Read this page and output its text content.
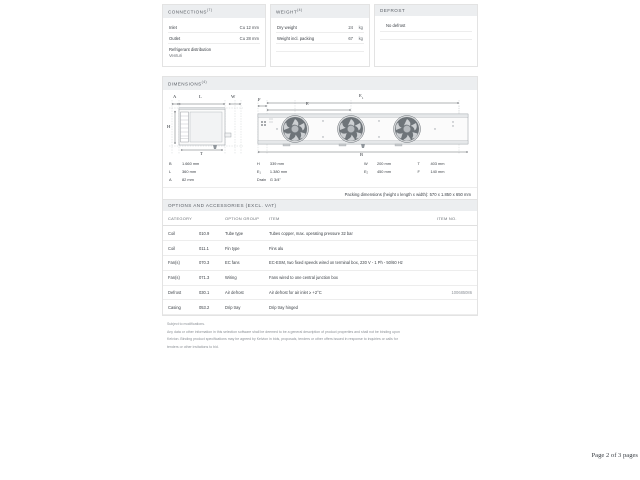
CONNECTIONS$^{(7)}$
Inlet	Cu 12 mm
Outlet	Cu 28 mm
Refrigerant distribution
Venturi
WEIGHT$^{(4)}$
Dry weight	24	kg
Weight incl. packing	67	kg
DEFROST
No defrost
DIMENSIONS$^{(4)}$
A	L	W
H
T
F
E
$E_1$
B
B	1.660 mm
L	360 mm
A	82 mm
H	339 mm
E₁	1.380 mm
Drain G 3/4"
W	200 mm
E₂	450 mm
T	403 mm
F	140 mm
Packing dimensions (height x length x width): 570 x 1.850 x 650 mm
OPTIONS AND ACCESSORIES (EXCL. VAT)
CATEGORY		OPTION GROUP	ITEM	ITEM NO.
Coil	010.9	Tube type	Tubes copper, max. operating pressure 32 bar	
Coil	011.1	Fin type	Fins alu	
Fan(s)	070.3	EC fans	EC-ESM, two fixed speeds wired on terminal box, 230 V - 1 Ph - 50/60 Hz	
Fan(s)	071.3	Wiring	Fans wired to one central junction box	
Defrost	030.1	Air defrost	Air defrost for air inlet ≥ +2°C	100685086
Casing	053.2	Drip tray	Drip tray hinged	

Subject to modifications.

Any data or other information in this selection software shall be deemed to be a general description of product properties and shall not be binding upon

Kelvion. Binding product specifications may be agreed by Kelvion in bids, proposals, tenders or other offers issued in response to inquiries or calls for

tenders or other invitations to bid.

Page 2 of 3 pages
